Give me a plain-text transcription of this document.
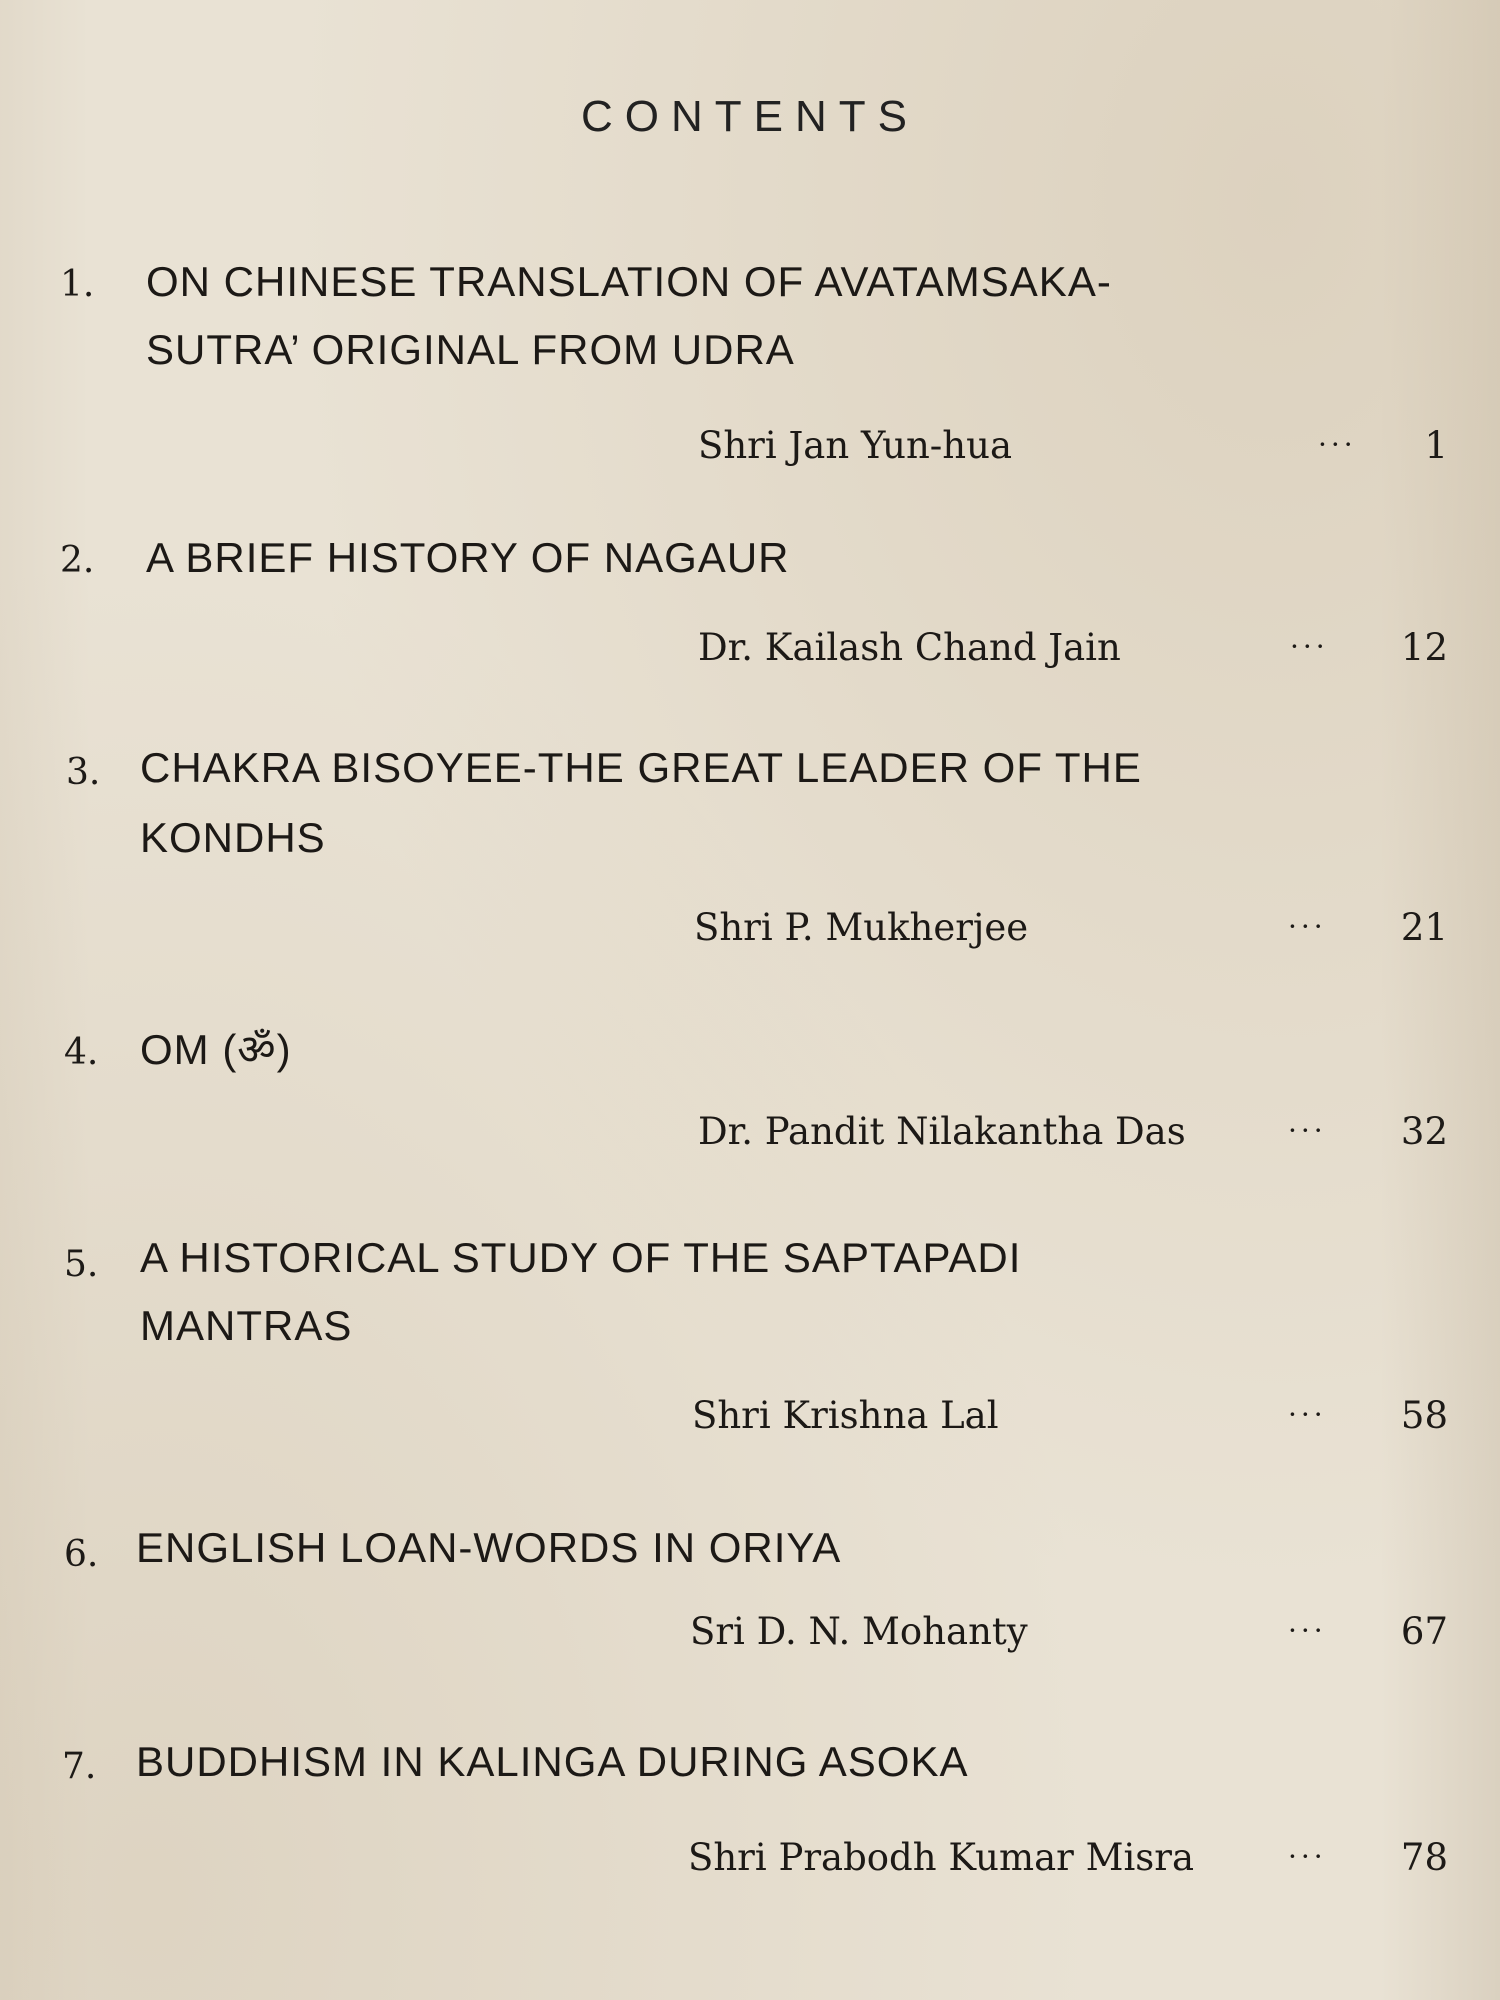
CONTENTS
1.	ON CHINESE TRANSLATION OF AVATAMSAKA-
SUTRA’ ORIGINAL FROM UDRA
Shri Jan Yun-hua	··· 1
2.	A BRIEF HISTORY OF NAGAUR
Dr. Kailash Chand Jain	··· 12
3. CHAKRA BISOYEE-THE GREAT LEADER OF THE
KONDHS
Shri P. Mukherjee	··· 21
4. OM (ॐ)
Dr. Pandit Nilakantha Das	··· 32
5. A HISTORICAL STUDY OF THE SAPTAPADI
MANTRAS
Shri Krishna Lal	··· 58
6. ENGLISH LOAN-WORDS IN ORIYA
Sri D. N. Mohanty	··· 67
7. BUDDHISM IN KALINGA DURING ASOKA
Shri Prabodh Kumar Misra	··· 78
